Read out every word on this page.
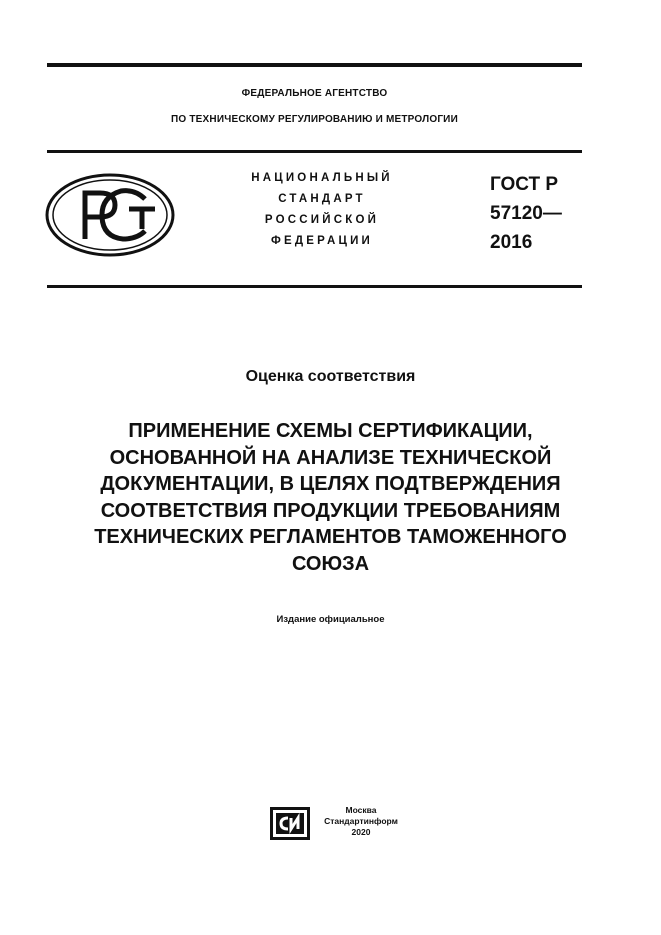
ФЕДЕРАЛЬНОЕ АГЕНТСТВО
ПО ТЕХНИЧЕСКОМУ РЕГУЛИРОВАНИЮ И МЕТРОЛОГИИ
РСТ	НАЦИОНАЛЬНЫЙ
СТАНДАРТ
РОССИЙСКОЙ
ФЕДЕРАЦИИ
ГОСТ Р
57120—
2016
Оценка соответствия
ПРИМЕНЕНИЕ СХЕМЫ СЕРТИФИКАЦИИ,
ОСНОВАННОЙ НА АНАЛИЗЕ ТЕХНИЧЕСКОЙ
ДОКУМЕНТАЦИИ, В ЦЕЛЯХ ПОДТВЕРЖДЕНИЯ
СООТВЕТСТВИЯ ПРОДУКЦИИ ТРЕБОВАНИЯМ
ТЕХНИЧЕСКИХ РЕГЛАМЕНТОВ ТАМОЖЕННОГО
СОЮЗА
Издание официальное
Москва
Стандартинформ
2020
